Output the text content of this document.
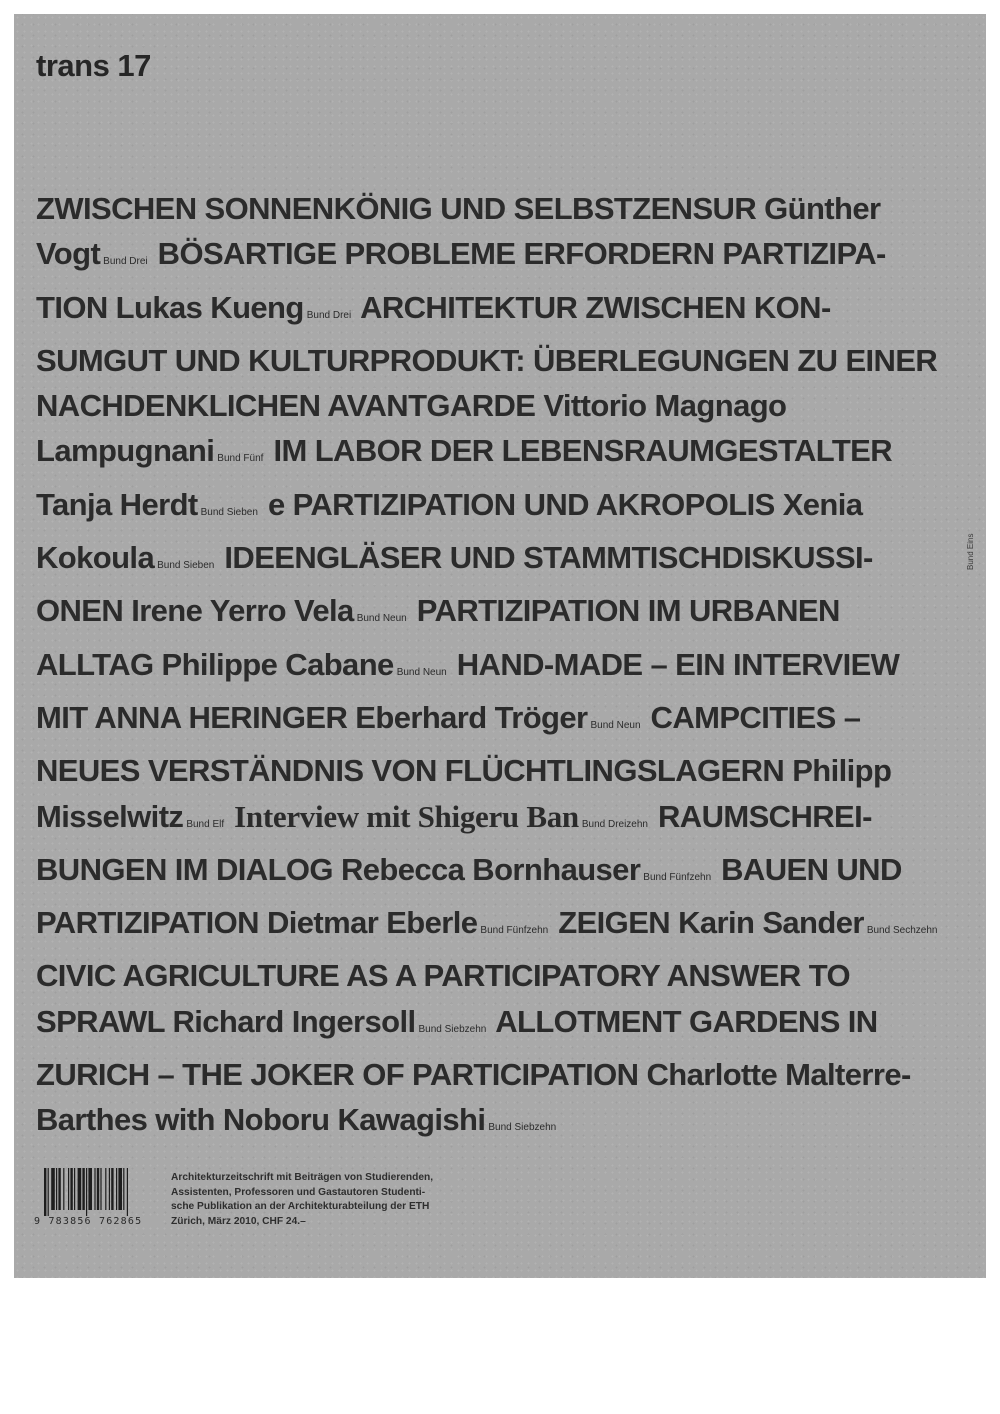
trans 17
ZWISCHEN SONNENKÖNIG UND SELBSTZENSUR Günther Vogt Bund Drei BÖSARTIGE PROBLEME ERFORDERN PARTIZIPA- TION Lukas Kueng Bund Drei ARCHITEKTUR ZWISCHEN KON- SUMGUT UND KULTURPRODUKT: ÜBERLEGUNGEN ZU EINER NACHDENKLICHEN AVANTGARDE Vittorio Magnago Lampugnani Bund Fünf IM LABOR DER LEBENSRAUMGESTALTER Tanja Herdt Bund Sieben e PARTIZIPATION UND AKROPOLIS Xenia Kokoula Bund Sieben IDEENGLÄSER UND STAMMTISCHDISKUSSI- ONEN Irene Yerro Vela Bund Neun PARTIZIPATION IM URBANEN ALLTAG Philippe Cabane Bund Neun HAND-MADE – EIN INTERVIEW MIT ANNA HERINGER Eberhard Tröger Bund Neun CAMPCITIES – NEUES VERSTÄNDNIS VON FLÜCHTLINGSLAGERN Philipp Misselwitz Bund Elf Interview mit Shigeru Ban Bund Dreizehn RAUMSCHREI- BUNGEN IM DIALOG Rebecca Bornhauser Bund Fünfzehn BAUEN UND PARTIZIPATION Dietmar Eberle Bund Fünfzehn ZEIGEN Karin Sander Bund Sechzehn CIVIC AGRICULTURE AS A PARTICIPATORY ANSWER TO SPRAWL Richard Ingersoll Bund Siebzehn ALLOTMENT GARDENS IN ZURICH – THE JOKER OF PARTICIPATION Charlotte Malterre-Barthes with Noboru Kawagishi Bund Siebzehn
Bund Eins
9 783856 762865
Architekturzeitschrift mit Beiträgen von Studierenden,
Assistenten, Professoren und Gastautoren Studenti-
sche Publikation an der Architekturabteilung der ETH
Zürich, März 2010, CHF 24.–
